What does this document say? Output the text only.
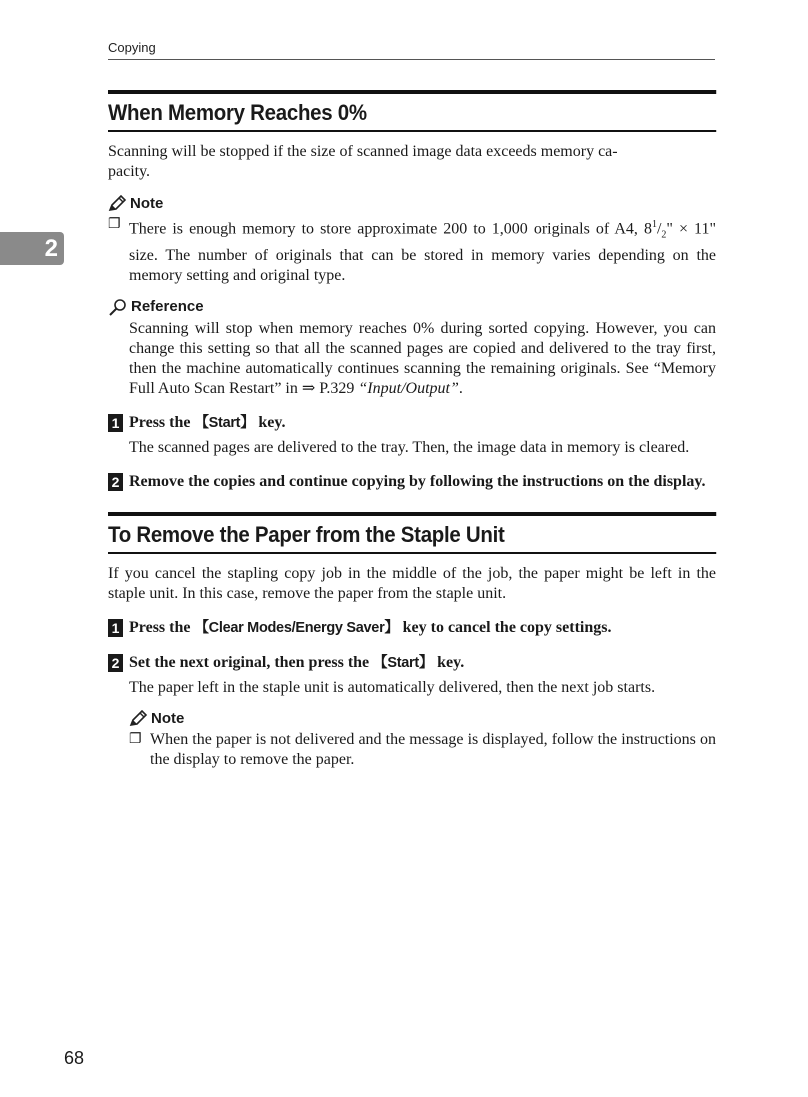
Copying
2
When Memory Reaches 0%

Scanning will be stopped if the size of scanned image data exceeds memory ca-
pacity.

Note
❐ There is enough memory to store approximate 200 to 1,000 originals of A4, $8^1/_2$" × 11" size. The number of originals that can be stored in memory varies depending on the memory setting and original type.
Reference

Scanning will stop when memory reaches 0% during sorted copying. However, you can change this setting so that all the scanned pages are copied and delivered to the tray first, then the machine automatically continues scanning the remaining originals. See “Memory Full Auto Scan Restart” in ⇒ P.329 “Input/Output”.

1 Press the 【Start】 key.

The scanned pages are delivered to the tray. Then, the image data in memory is cleared.

2 Remove the copies and continue copying by following the instructions on the display.
To Remove the Paper from the Staple Unit

If you cancel the stapling copy job in the middle of the job, the paper might be left in the staple unit. In this case, remove the paper from the staple unit.

1 Press the 【Clear Modes/Energy Saver】 key to cancel the copy settings.
2 Set the next original, then press the 【Start】 key.

The paper left in the staple unit is automatically delivered, then the next job starts.

Note
❐ When the paper is not delivered and the message is displayed, follow the instructions on the display to remove the paper.
68
